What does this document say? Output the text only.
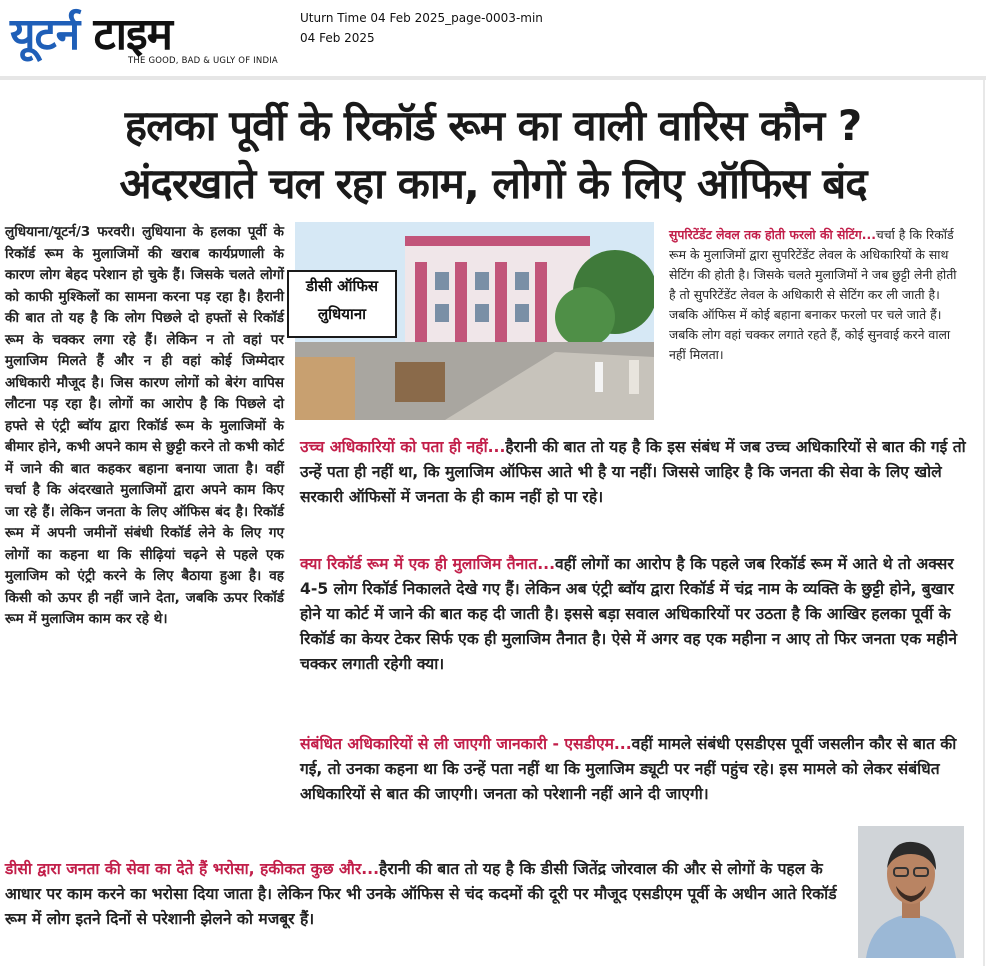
यूटर्न टाइम
THE GOOD, BAD & UGLY OF INDIA
Uturn Time 04 Feb 2025_page-0003-min
04 Feb 2025
हलका पूर्वी के रिकॉर्ड रूम का वाली वारिस कौन ?
अंदरखाते चल रहा काम, लोगों के लिए ऑफिस बंद
लुधियाना/यूटर्न/3 फरवरी। लुधियाना के हलका पूर्वी के रिकॉर्ड रूम के मुलाजिमों की खराब कार्यप्रणाली के कारण लोग बेहद परेशान हो चुके हैं। जिसके चलते लोगों को काफी मुश्किलों का सामना करना पड़ रहा है। हैरानी की बात तो यह है कि लोग पिछले दो हफ्तों से रिकॉर्ड रूम के चक्कर लगा रहे हैं। लेकिन न तो वहां पर मुलाजिम मिलते हैं और न ही वहां कोई जिम्मेदार अधिकारी मौजूद है। जिस कारण लोगों को बेरंग वापिस लौटना पड़ रहा है। लोगों का आरोप है कि पिछले दो हफ्ते से एंट्री ब्वॉय द्वारा रिकॉर्ड रूम के मुलाजिमों के बीमार होने, कभी अपने काम से छुट्टी करने तो कभी कोर्ट में जाने की बात कहकर बहाना बनाया जाता है। वहीं चर्चा है कि अंदरखाते मुलाजिमों द्वारा अपने काम किए जा रहे हैं। लेकिन जनता के लिए ऑफिस बंद है। रिकॉर्ड रूम में अपनी जमीनों संबंधी रिकॉर्ड लेने के लिए गए लोगों का कहना था कि सीढ़ियां चढ़ने से पहले एक मुलाजिम को एंट्री करने के लिए बैठाया हुआ है। वह किसी को ऊपर ही नहीं जाने देता, जबकि ऊपर रिकॉर्ड रूम में मुलाजिम काम कर रहे थे।
डीसी ऑफिस
लुधियाना
सुपरिटेंडेंट लेवल तक होती फरलो की सेटिंग...चर्चा है कि रिकॉर्ड रूम के मुलाजिमों द्वारा सुपरिटेंडेंट लेवल के अधिकारियों के साथ सेटिंग की होती है। जिसके चलते मुलाजिमों ने जब छुट्टी लेनी होती है तो सुपरिटेंडेंट लेवल के अधिकारी से सेटिंग कर ली जाती है। जबकि ऑफिस में कोई बहाना बनाकर फरलो पर चले जाते हैं। जबकि लोग वहां चक्कर लगाते रहते हैं, कोई सुनवाई करने वाला नहीं मिलता।
उच्च अधिकारियों को पता ही नहीं...हैरानी की बात तो यह है कि इस संबंध में जब उच्च अधिकारियों से बात की गई तो उन्हें पता ही नहीं था, कि मुलाजिम ऑफिस आते भी है या नहीं। जिससे जाहिर है कि जनता की सेवा के लिए खोले सरकारी ऑफिसों में जनता के ही काम नहीं हो पा रहे।
क्या रिकॉर्ड रूम में एक ही मुलाजिम तैनात...वहीं लोगों का आरोप है कि पहले जब रिकॉर्ड रूम में आते थे तो अक्सर 4-5 लोग रिकॉर्ड निकालते देखे गए हैं। लेकिन अब एंट्री ब्वॉय द्वारा रिकॉर्ड में चंद्र नाम के व्यक्ति के छुट्टी होने, बुखार होने या कोर्ट में जाने की बात कह दी जाती है। इससे बड़ा सवाल अधिकारियों पर उठता है कि आखिर हलका पूर्वी के रिकॉर्ड का केयर टेकर सिर्फ एक ही मुलाजिम तैनात है। ऐसे में अगर वह एक महीना न आए तो फिर जनता एक महीने चक्कर लगाती रहेगी क्या।
संबंधित अधिकारियों से ली जाएगी जानकारी - एसडीएम...वहीं मामले संबंधी एसडीएस पूर्वी जसलीन कौर से बात की गई, तो उनका कहना था कि उन्हें पता नहीं था कि मुलाजिम ड्यूटी पर नहीं पहुंच रहे। इस मामले को लेकर संबंधित अधिकारियों से बात की जाएगी। जनता को परेशानी नहीं आने दी जाएगी।
डीसी द्वारा जनता की सेवा का देते हैं भरोसा, हकीकत कुछ और...हैरानी की बात तो यह है कि डीसी जितेंद्र जोरवाल की और से लोगों के पहल के आधार पर काम करने का भरोसा दिया जाता है। लेकिन फिर भी उनके ऑफिस से चंद कदमों की दूरी पर मौजूद एसडीएम पूर्वी के अधीन आते रिकॉर्ड रूम में लोग इतने दिनों से परेशानी झेलने को मजबूर हैं।
